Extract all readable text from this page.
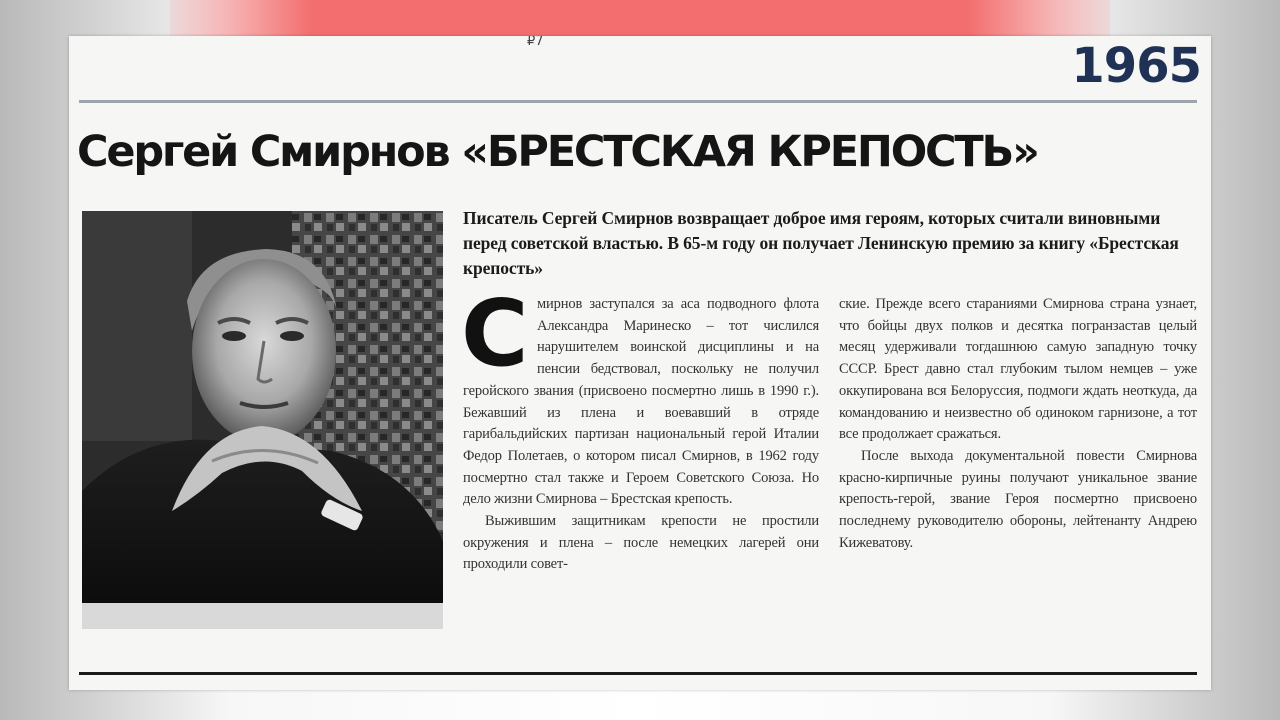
₽7	1965
Сергей Смирнов «БРЕСТСКАЯ КРЕПОСТЬ»
Писатель Сергей Смирнов возвращает доброе имя героям, которых считали виновными перед советской властью. В 65-м году он получает Ленинскую премию за книгу «Брестская крепость»

Смирнов заступался за аса подводного флота Александра Маринеско – тот числился нарушителем воинской дисциплины и на пенсии бедствовал, поскольку не получил геройского звания (присвоено посмертно лишь в 1990 г.). Бежавший из плена и воевавший в отряде гарибальдийских партизан национальный герой Италии Федор Полетаев, о котором писал Смирнов, в 1962 году посмертно стал также и Героем Советского Союза. Но дело жизни Смирнова – Брестская крепость.

Выжившим защитникам крепости не простили окружения и плена – после немецких лагерей они проходили совет-

ские. Прежде всего стараниями Смирнова страна узнает, что бойцы двух полков и десятка погранзастав целый месяц удерживали тогдашнюю самую западную точку СССР. Брест давно стал глубоким тылом немцев – уже оккупирована вся Белоруссия, подмоги ждать неоткуда, да командованию и неизвестно об одиноком гарнизоне, а тот все продолжает сражаться.

После выхода документальной повести Смирнова красно-кирпичные руины получают уникальное звание крепость-герой, звание Героя посмертно присвоено последнему руководителю обороны, лейтенанту Андрею Кижеватову.
